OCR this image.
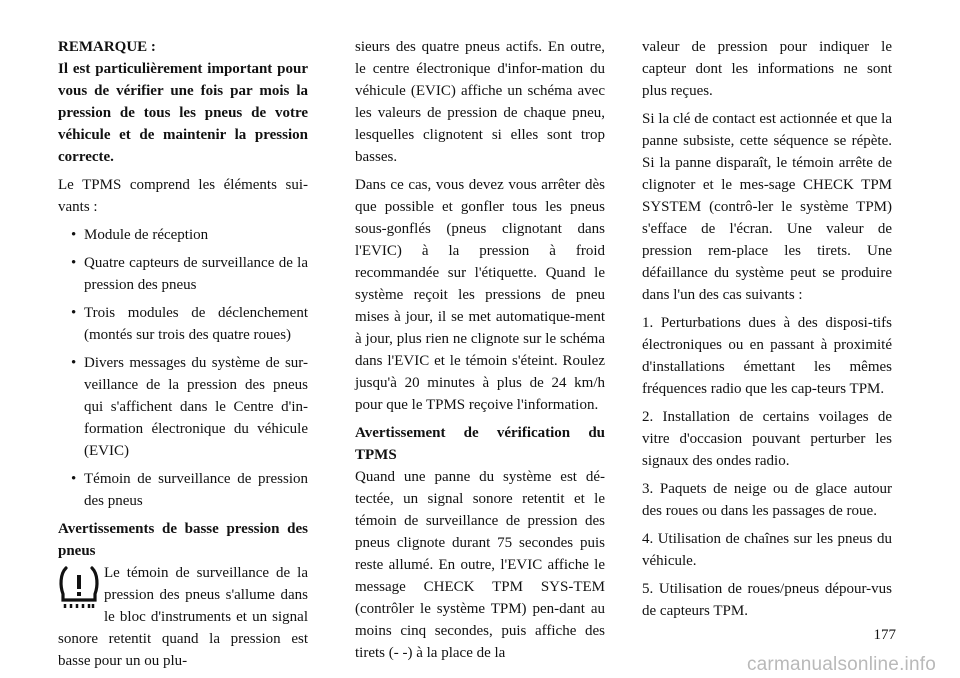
REMARQUE :

Il est particulièrement important pour vous de vérifier une fois par mois la pression de tous les pneus de votre véhicule et de maintenir la pression correcte.

Le TPMS comprend les éléments sui-vants :

• Module de réception
• Quatre capteurs de surveillance de la pression des pneus
• Trois modules de déclenchement (montés sur trois des quatre roues)
• Divers messages du système de sur-veillance de la pression des pneus qui s'affichent dans le Centre d'in-formation électronique du véhicule (EVIC)
• Témoin de surveillance de pression des pneus

Avertissements de basse pression des pneus

Le témoin de surveillance de la pression des pneus s'allume dans le bloc d'instruments et un signal sonore retentit quand la pression est basse pour un ou plu-

sieurs des quatre pneus actifs. En outre, le centre électronique d'infor-mation du véhicule (EVIC) affiche un schéma avec les valeurs de pression de chaque pneu, lesquelles clignotent si elles sont trop basses.

Dans ce cas, vous devez vous arrêter dès que possible et gonfler tous les pneus sous-gonflés (pneus clignotant dans l'EVIC) à la pression à froid recommandée sur l'étiquette. Quand le système reçoit les pressions de pneu mises à jour, il se met automatique-ment à jour, plus rien ne clignote sur le schéma dans l'EVIC et le témoin s'éteint. Roulez jusqu'à 20 minutes à plus de 24 km/h pour que le TPMS reçoive l'information.

Avertissement de vérification du TPMS

Quand une panne du système est dé-tectée, un signal sonore retentit et le témoin de surveillance de pression des pneus clignote durant 75 secondes puis reste allumé. En outre, l'EVIC affiche le message CHECK TPM SYS-TEM (contrôler le système TPM) pen-dant au moins cinq secondes, puis affiche des tirets (- -) à la place de la

valeur de pression pour indiquer le capteur dont les informations ne sont plus reçues.

Si la clé de contact est actionnée et que la panne subsiste, cette séquence se répète. Si la panne disparaît, le témoin arrête de clignoter et le mes-sage CHECK TPM SYSTEM (contrô-ler le système TPM) s'efface de l'écran. Une valeur de pression rem-place les tirets. Une défaillance du système peut se produire dans l'un des cas suivants :

1. Perturbations dues à des disposi-tifs électroniques ou en passant à proximité d'installations émettant les mêmes fréquences radio que les cap-teurs TPM.

2. Installation de certains voilages de vitre d'occasion pouvant perturber les signaux des ondes radio.

3. Paquets de neige ou de glace autour des roues ou dans les passages de roue.

4. Utilisation de chaînes sur les pneus du véhicule.

5. Utilisation de roues/pneus dépour-vus de capteurs TPM.

177
carmanualsonline.info
